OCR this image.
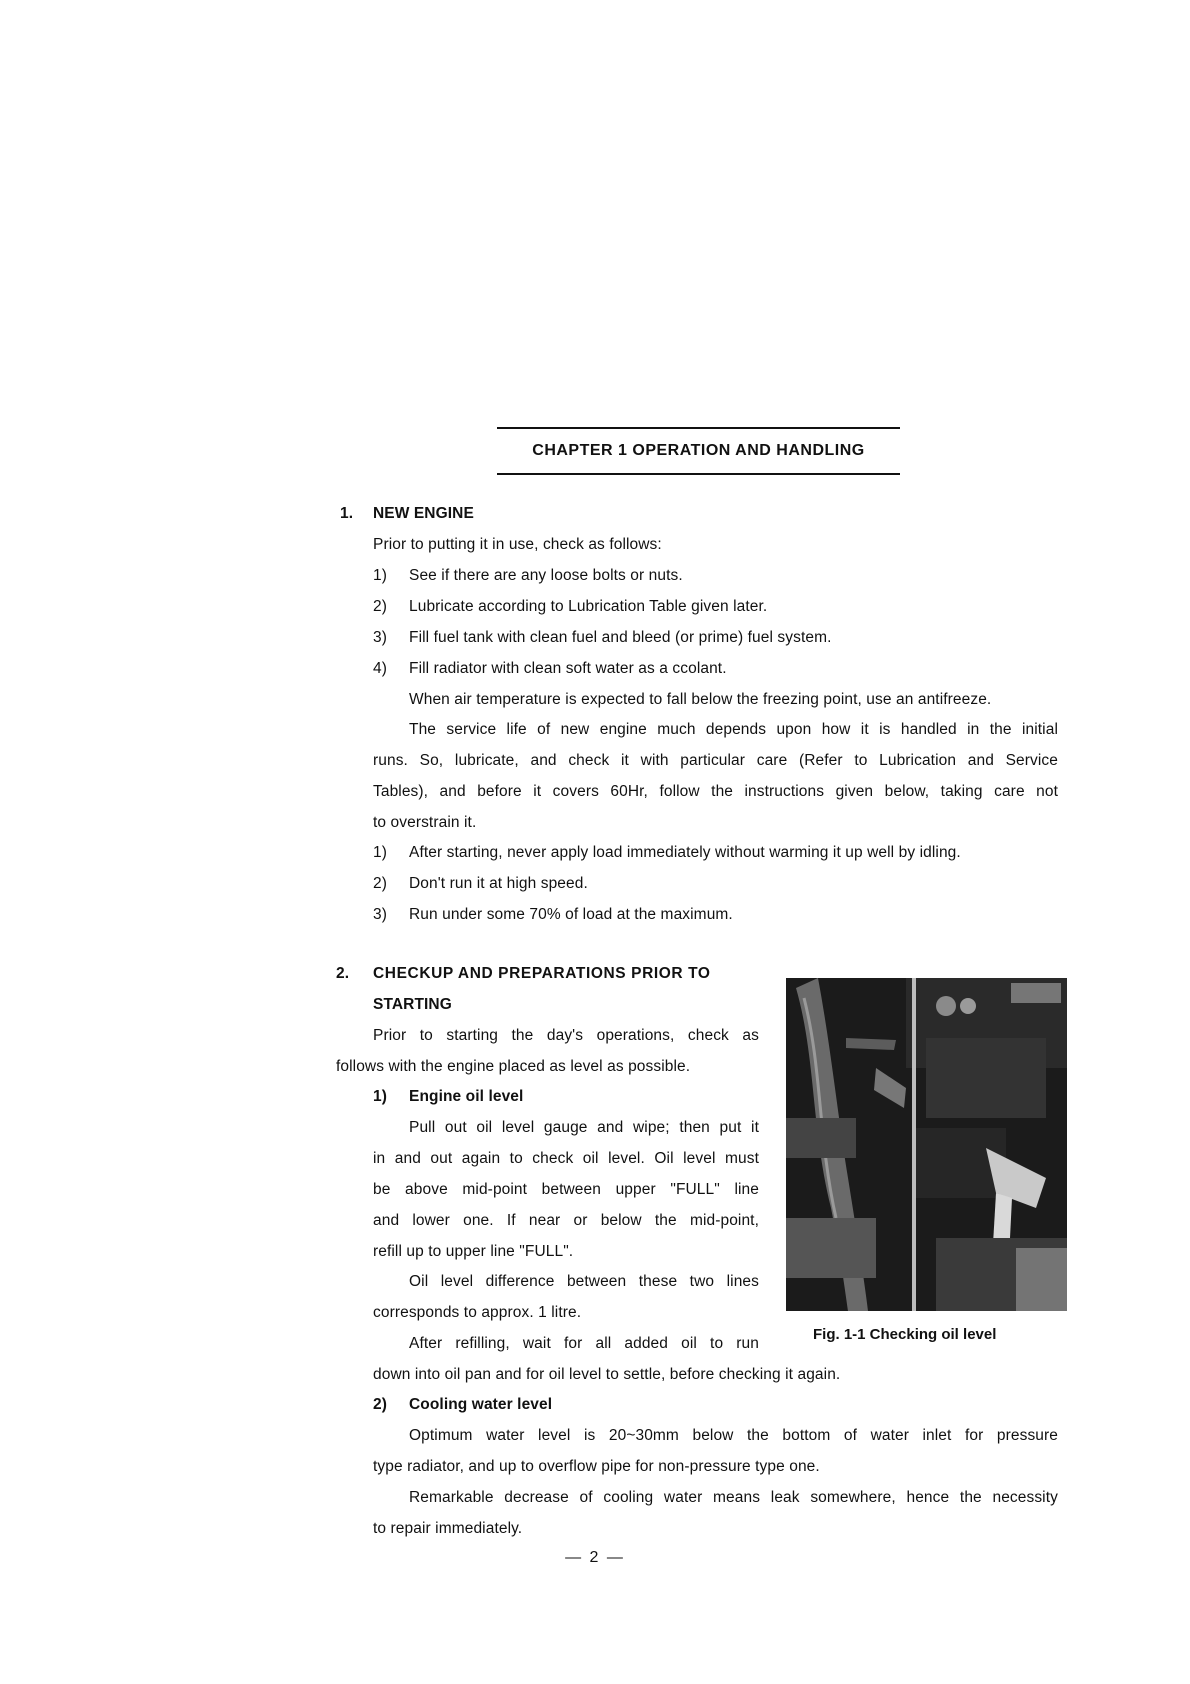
CHAPTER 1 OPERATION AND HANDLING
1. NEW ENGINE
Prior to putting it in use, check as follows:
1) See if there are any loose bolts or nuts.
2) Lubricate according to Lubrication Table given later.
3) Fill fuel tank with clean fuel and bleed (or prime) fuel system.
4) Fill radiator with clean soft water as a ccolant.
When air temperature is expected to fall below the freezing point, use an antifreeze.
The service life of new engine much depends upon how it is handled in the initial
runs. So, lubricate, and check it with particular care (Refer to Lubrication and Service
Tables), and before it covers 60Hr, follow the instructions given below, taking care not
to overstrain it.
1) After starting, never apply load immediately without warming it up well by idling.
2) Don't run it at high speed.
3) Run under some 70% of load at the maximum.
2. CHECKUP AND PREPARATIONS PRIOR TO
STARTING
Prior to starting the day's operations, check as
follows with the engine placed as level as possible.
1) Engine oil level
Pull out oil level gauge and wipe; then put it
in and out again to check oil level. Oil level must
be above mid-point between upper "FULL" line
and lower one. If near or below the mid-point,
refill up to upper line "FULL".
Oil level difference between these two lines
corresponds to approx. 1 litre.
After refilling, wait for all added oil to run
down into oil pan and for oil level to settle, before checking it again.
Fig. 1-1 Checking oil level
2) Cooling water level
Optimum water level is 20~30mm below the bottom of water inlet for pressure
type radiator, and up to overflow pipe for non-pressure type one.
Remarkable decrease of cooling water means leak somewhere, hence the necessity
to repair immediately.
— 2 —
